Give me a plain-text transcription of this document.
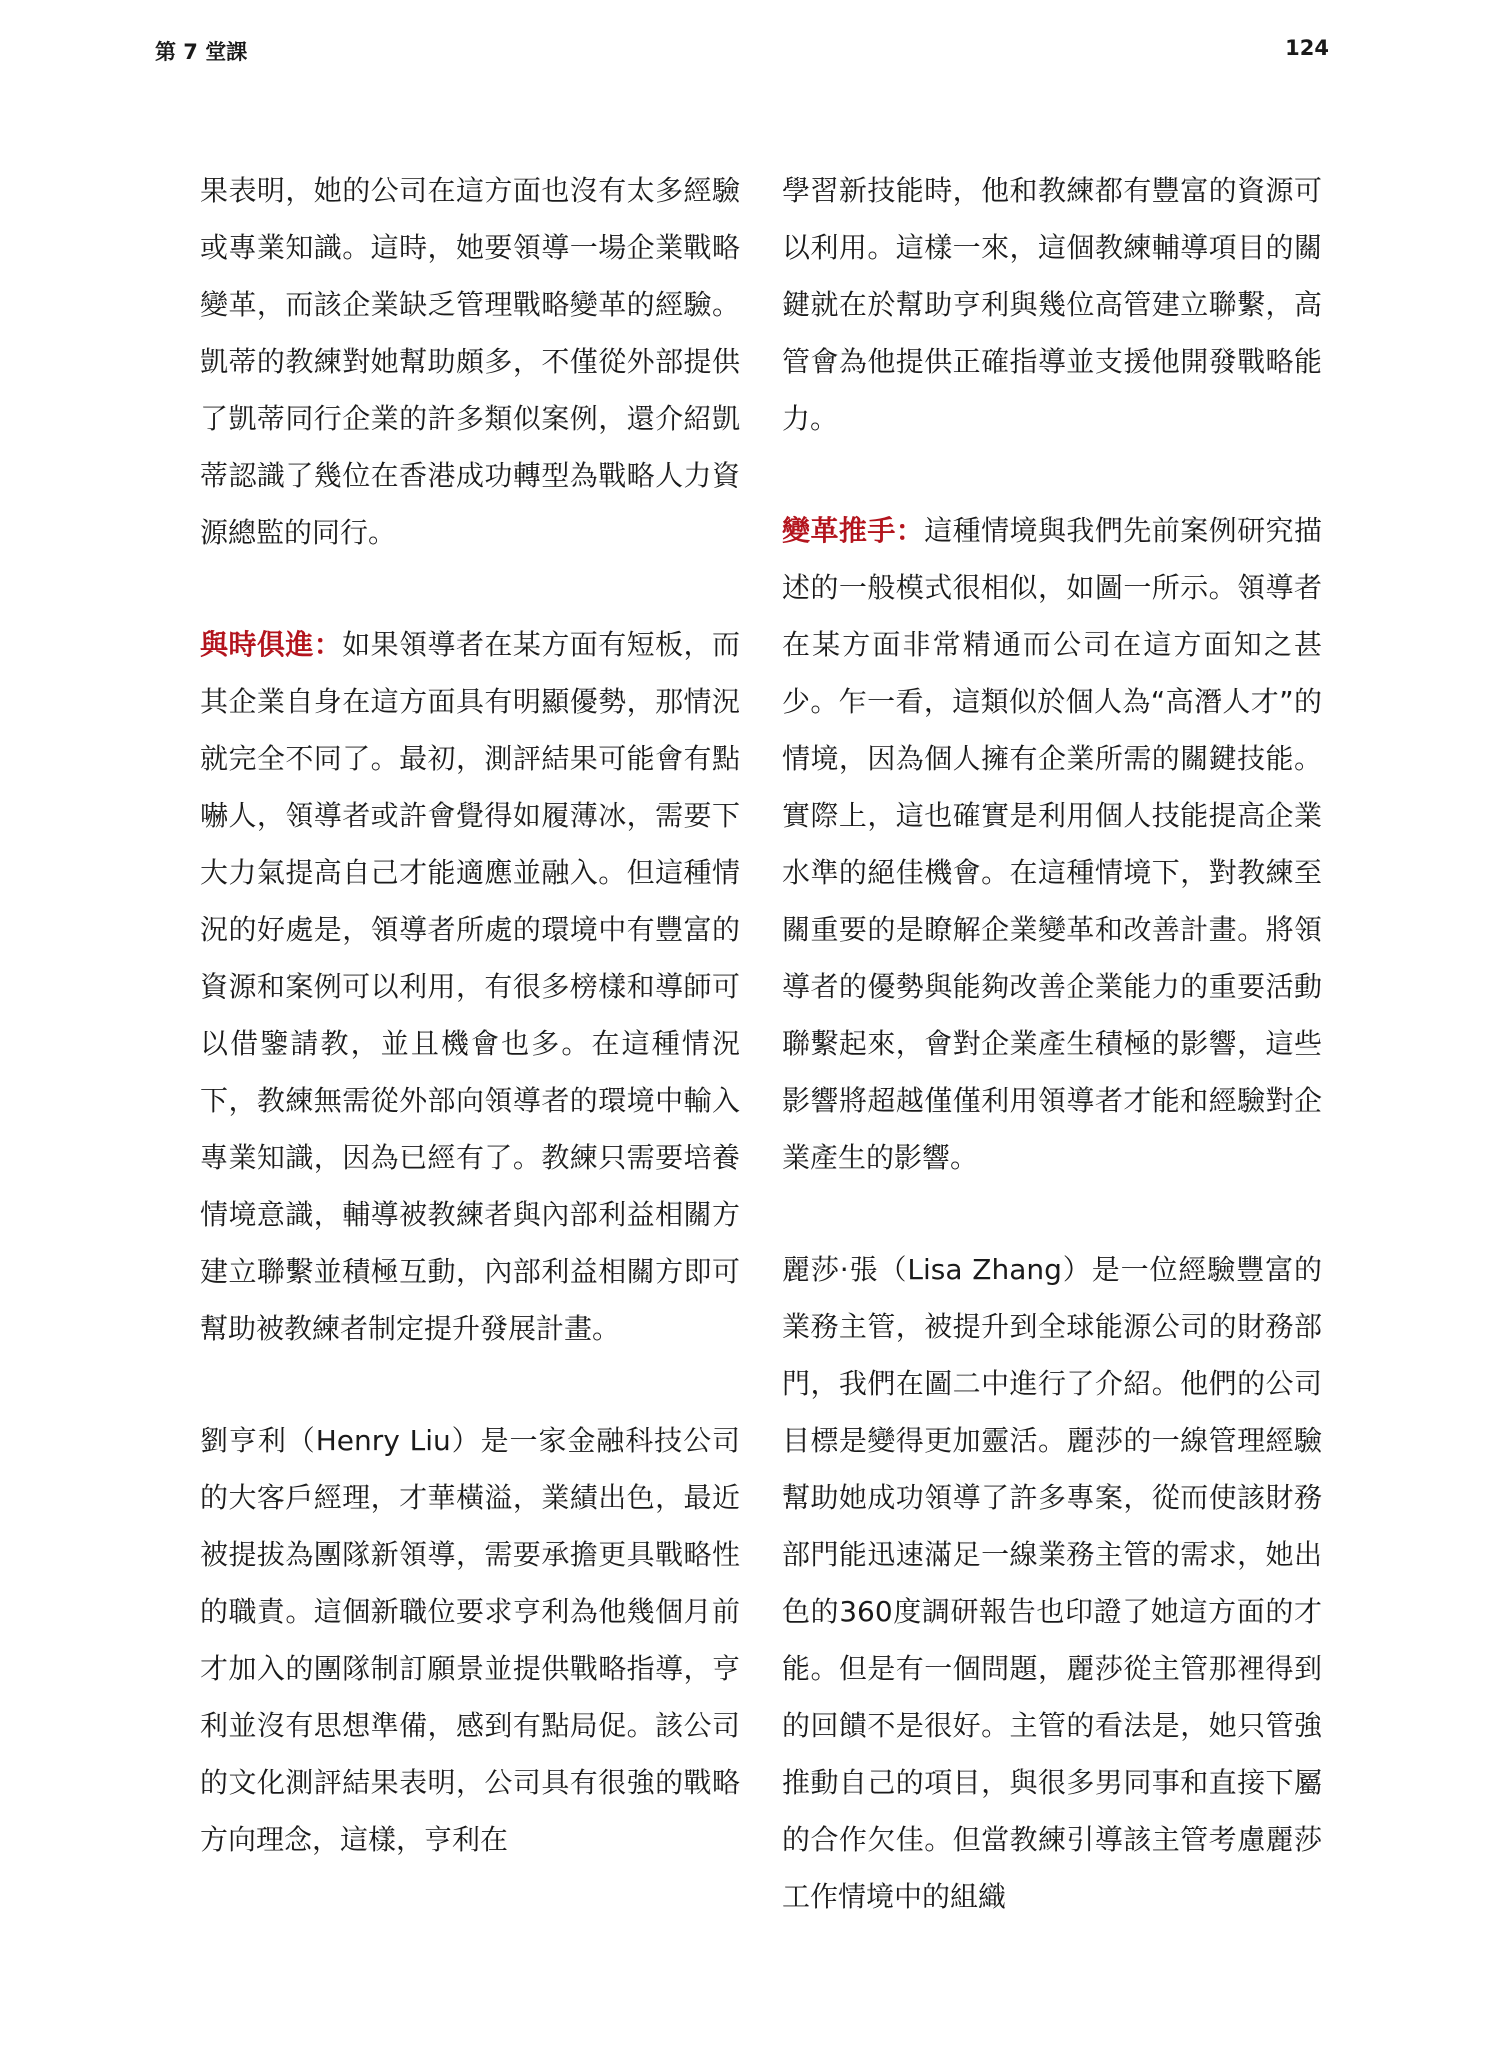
第 7 堂課	124

果表明，她的公司在這方面也沒有太多經驗或專業知識。這時，她要領導一場企業戰略變革，而該企業缺乏管理戰略變革的經驗。凱蒂的教練對她幫助頗多，不僅從外部提供了凱蒂同行企業的許多類似案例，還介紹凱蒂認識了幾位在香港成功轉型為戰略人力資源總監的同行。

與時俱進：如果領導者在某方面有短板，而其企業自身在這方面具有明顯優勢，那情況就完全不同了。最初，測評結果可能會有點嚇人，領導者或許會覺得如履薄冰，需要下大力氣提高自己才能適應並融入。但這種情況的好處是，領導者所處的環境中有豐富的資源和案例可以利用，有很多榜樣和導師可以借鑒請教，並且機會也多。在這種情況下，教練無需從外部向領導者的環境中輸入專業知識，因為已經有了。教練只需要培養情境意識，輔導被教練者與內部利益相關方建立聯繫並積極互動，內部利益相關方即可幫助被教練者制定提升發展計畫。

劉亨利（Henry Liu）是一家金融科技公司的大客戶經理，才華橫溢，業績出色，最近被提拔為團隊新領導，需要承擔更具戰略性的職責。這個新職位要求亨利為他幾個月前才加入的團隊制訂願景並提供戰略指導，亨利並沒有思想準備，感到有點局促。該公司的文化測評結果表明，公司具有很強的戰略方向理念，這樣，亨利在

學習新技能時，他和教練都有豐富的資源可以利用。這樣一來，這個教練輔導項目的關鍵就在於幫助亨利與幾位高管建立聯繫，高管會為他提供正確指導並支援他開發戰略能力。

變革推手：這種情境與我們先前案例研究描述的一般模式很相似，如圖一所示。領導者在某方面非常精通而公司在這方面知之甚少。乍一看，這類似於個人為“高潛人才”的情境，因為個人擁有企業所需的關鍵技能。實際上，這也確實是利用個人技能提高企業水準的絕佳機會。在這種情境下，對教練至關重要的是瞭解企業變革和改善計畫。將領導者的優勢與能夠改善企業能力的重要活動聯繫起來，會對企業產生積極的影響，這些影響將超越僅僅利用領導者才能和經驗對企業產生的影響。

麗莎·張（Lisa Zhang）是一位經驗豐富的業務主管，被提升到全球能源公司的財務部門，我們在圖二中進行了介紹。他們的公司目標是變得更加靈活。麗莎的一線管理經驗幫助她成功領導了許多專案，從而使該財務部門能迅速滿足一線業務主管的需求，她出色的360度調研報告也印證了她這方面的才能。但是有一個問題，麗莎從主管那裡得到的回饋不是很好。主管的看法是，她只管強推動自己的項目，與很多男同事和直接下屬的合作欠佳。但當教練引導該主管考慮麗莎工作情境中的組織
